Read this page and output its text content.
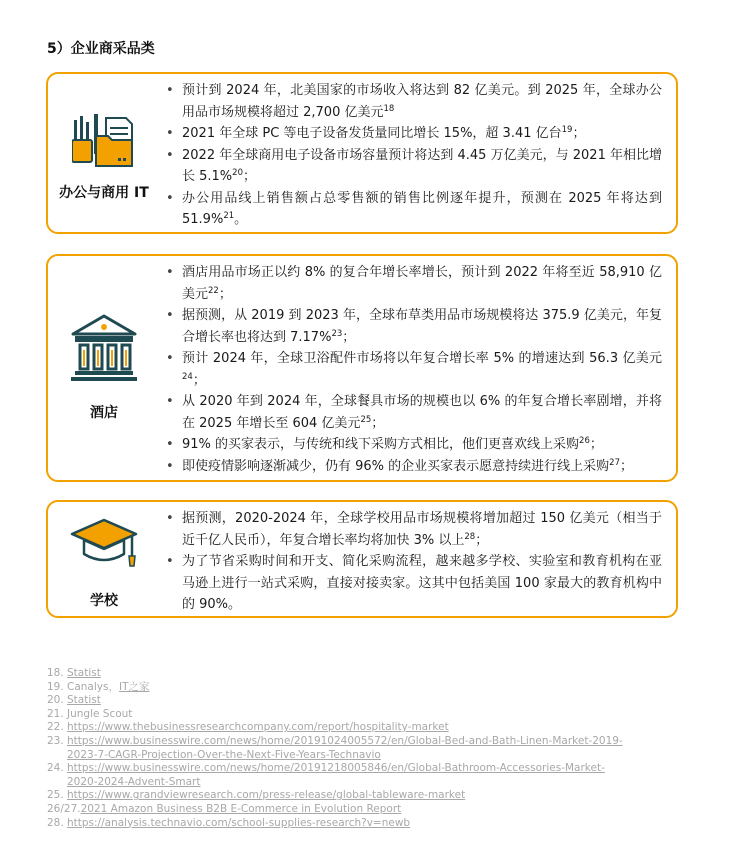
5）企业商采品类
办公与商用 IT
• 预计到 2024 年，北美国家的市场收入将达到 82 亿美元。到 2025 年，全球办公用品市场规模将超过 2,700 亿美元$^{18}$
• 2021 年全球 PC 等电子设备发货量同比增长 15%，超 3.41 亿台$^{19}$；
• 2022 年全球商用电子设备市场容量预计将达到 4.45 万亿美元，与 2021 年相比增长 5.1%$^{20}$；
• 办公用品线上销售额占总零售额的销售比例逐年提升，预测在 2025 年将达到 51.9%$^{21}$。
酒店
• 酒店用品市场正以约 8% 的复合年增长率增长，预计到 2022 年将至近 58,910 亿美元$^{22}$；
• 据预测，从 2019 到 2023 年，全球布草类用品市场规模将达 375.9 亿美元，年复合增长率也将达到 7.17%$^{23}$；
• 预计 2024 年，全球卫浴配件市场将以年复合增长率 5% 的增速达到 56.3 亿美元$^{24}$；
• 从 2020 年到 2024 年，全球餐具市场的规模也以 6% 的年复合增长率剧增，并将在 2025 年增长至 604 亿美元$^{25}$；
• 91% 的买家表示，与传统和线下采购方式相比，他们更喜欢线上采购$^{26}$；
• 即使疫情影响逐渐减少，仍有 96% 的企业买家表示愿意持续进行线上采购$^{27}$；
学校
• 据预测，2020-2024 年，全球学校用品市场规模将增加超过 150 亿美元（相当于近千亿人民币），年复合增长率均将加快 3% 以上$^{28}$；
• 为了节省采购时间和开支、简化采购流程，越来越多学校、实验室和教育机构在亚马逊上进行一站式采购，直接对接卖家。这其中包括美国 100 家最大的教育机构中的 90%。
18. Statist
19. Canalys，IT之家
20. Statist
21. Jungle Scout
22. https://www.thebusinessresearchcompany.com/report/hospitality-market
23. https://www.businesswire.com/news/home/20191024005572/en/Global-Bed-and-Bath-Linen-Market-2019-
2023-7-CAGR-Projection-Over-the-Next-Five-Years-Technavio
24. https://www.businesswire.com/news/home/20191218005846/en/Global-Bathroom-Accessories-Market-
2020-2024-Advent-Smart
25. https://www.grandviewresearch.com/press-release/global-tableware-market
26/27.2021 Amazon Business B2B E-Commerce in Evolution Report
28. https://analysis.technavio.com/school-supplies-research?v=newb
